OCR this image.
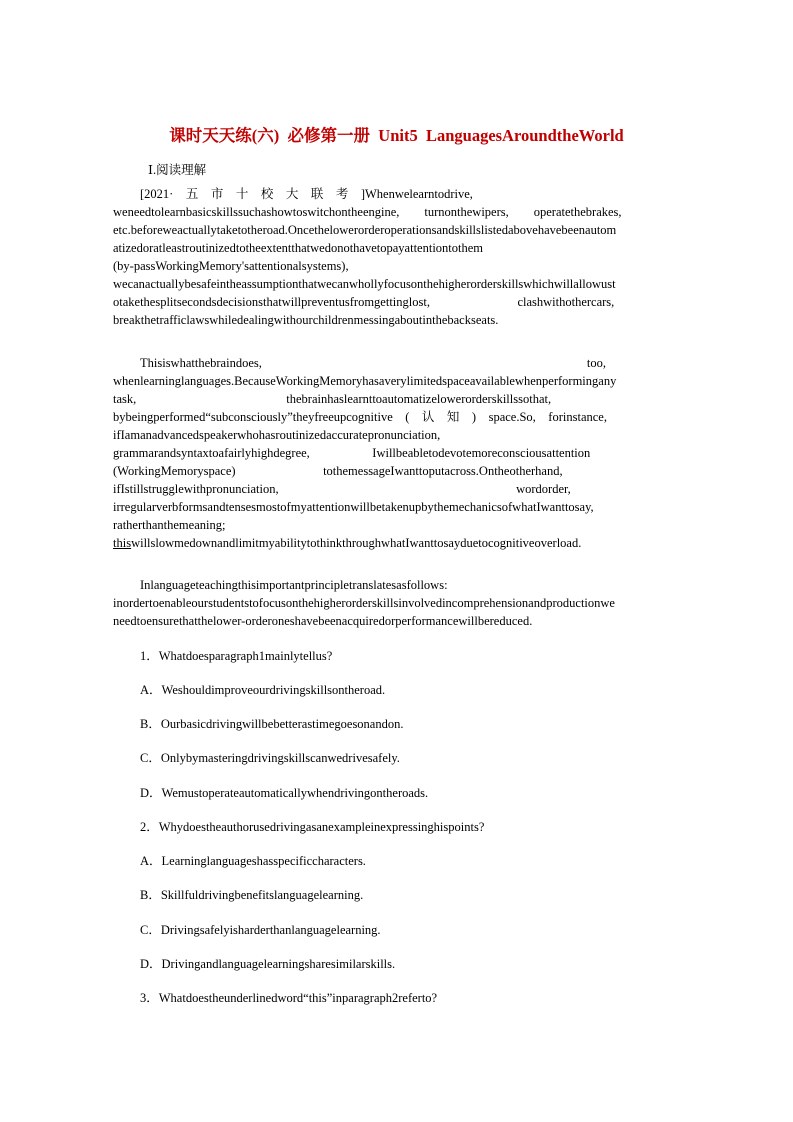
课时天天练(六)  必修第一册  Unit5  LanguagesAroundtheWorld
Ⅰ.阅读理解
[2021·　五　市　十　校　大　联　考　]Whenwelearntodrive,
weneedtolearnbasicskillssuchashowtoswitchontheengine,　　turnonthewipers,　　operatethebrakes,
etc.beforeweactuallytaketotheroad.Oncethelowerorderoperationsandskillslistedabovehavebeenautom
atizedoratleastroutinizedtotheextentthatwedonothavetopayattentiontothem
(by-passWorkingMemory'sattentionalsystems),
wecanactuallybesafeintheassumptionthatwecanwhollyfocusonthehigherorderskillswhichwillallowust
otakethesplitsecondsdecisionsthatwillpreventusfromgettinglost,　　　　　　　clashwithothercars,
breakthetrafficlawswhiledealingwithourchildrenmessingaboutinthebackseats.
Thisiswhatthebraindoes,　　　　　　　　　　　　　　　　　　　　　　　　　　too,
whenlearninglanguages.BecauseWorkingMemoryhasaverylimitedspaceavailablewhenperformingany
task,　　　　　　　　　　　　thebrainhaslearnttoautomatizelowerorderskillssothat,
bybeingperformed“subconsciously”theyfreeupcognitive　(　认　知　)　space.So,　forinstance,
ifIamanadvancedspeakerwhohasroutinizedaccuratepronunciation,
grammarandsyntaxtoafairlyhighdegree,　　　　　Iwillbeabletodevotemoreconsciousattention
(WorkingMemoryspace)　　　　　　　tothemessageIwanttoputacross.Ontheotherhand,
ifIstillstrugglewithpronunciation,　　　　　　　　　　　　　　　　　　　wordorder,
irregularverbformsandtensesmostofmyattentionwillbetakenupbythemechanicsofwhatIwanttosay,
ratherthanthemeaning;
thiswillslowmedownandlimitmyabilitytothinkthroughwhatIwanttosayduetocognitiveoverload.
Inlanguageteachingthisimportantprincipletranslatesasfollows:
inordertoenableourstudentstofocusonthehigherorderskillsinvolvedincomprehensionandproductionwe
needtoensurethatthelower-orderoneshavebeenacquiredorperformancewillbereduced.
1．Whatdoesparagraph1mainlytellus?
A．Weshouldimproveourdrivingskillsontheroad.
B．Ourbasicdrivingwillbebetterastimegoesonandon.
C．Onlybymasteringdrivingskillscanwedrivesafely.
D．Wemustoperateautomaticallywhendrivingontheroads.
2．Whydoestheauthorusedrivingasanexampleinexpressinghispoints?
A．Learninglanguageshasspecificcharacters.
B．Skillfuldrivingbenefitslanguagelearning.
C．Drivingsafelyisharderthanlanguagelearning.
D．Drivingandlanguagelearningsharesimilarskills.
3．Whatdoestheunderlinedword“this”inparagraph2referto?
